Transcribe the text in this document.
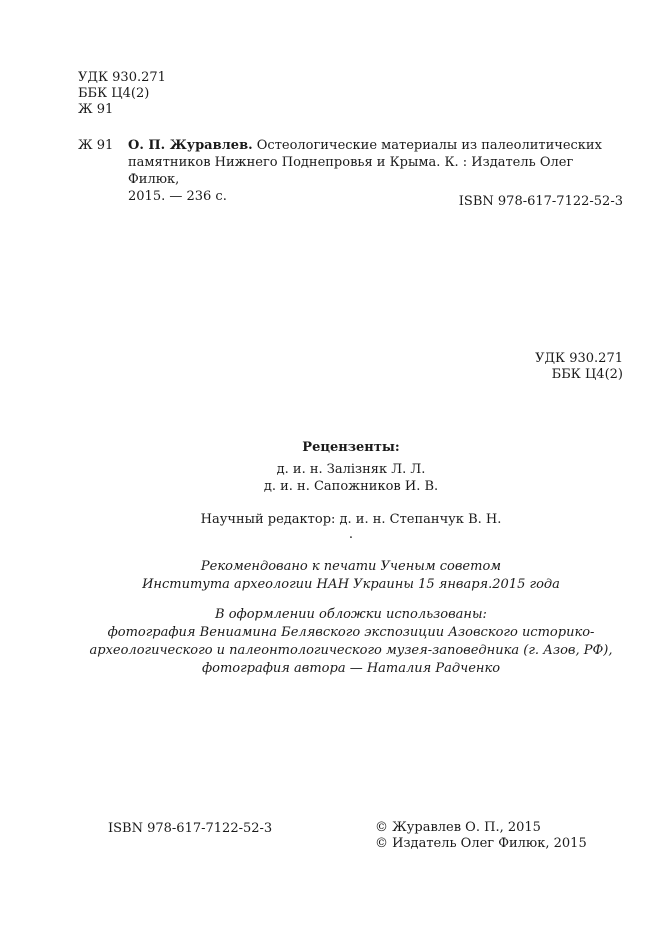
УДК 930.271
ББК Ц4(2)
Ж 91
Ж 91 О. П. Журавлев. Остеологические материалы из палеолитических
памятников Нижнего Поднепровья и Крыма. К. : Издатель Олег Филюк,
2015. — 236 с.	ISBN 978-617-7122-52-3
УДК 930.271
ББК Ц4(2)
Рецензенты:
д. и. н. Залізняк Л. Л.
д. и. н. Сапожников И. В.
Научный редактор: д. и. н. Степанчук В. Н.
.
Рекомендовано к печати Ученым советом
Института археологии НАН Украины 15 января.2015 года
В оформлении обложки использованы:
фотография Вениамина Белявского экспозиции Азовского историко-
археологического и палеонтологического музея-заповедника (г. Азов, РФ),
фотография автора — Наталия Радченко
ISBN 978-617-7122-52-3	© Журавлев О. П., 2015
© Издатель Олег Филюк, 2015
